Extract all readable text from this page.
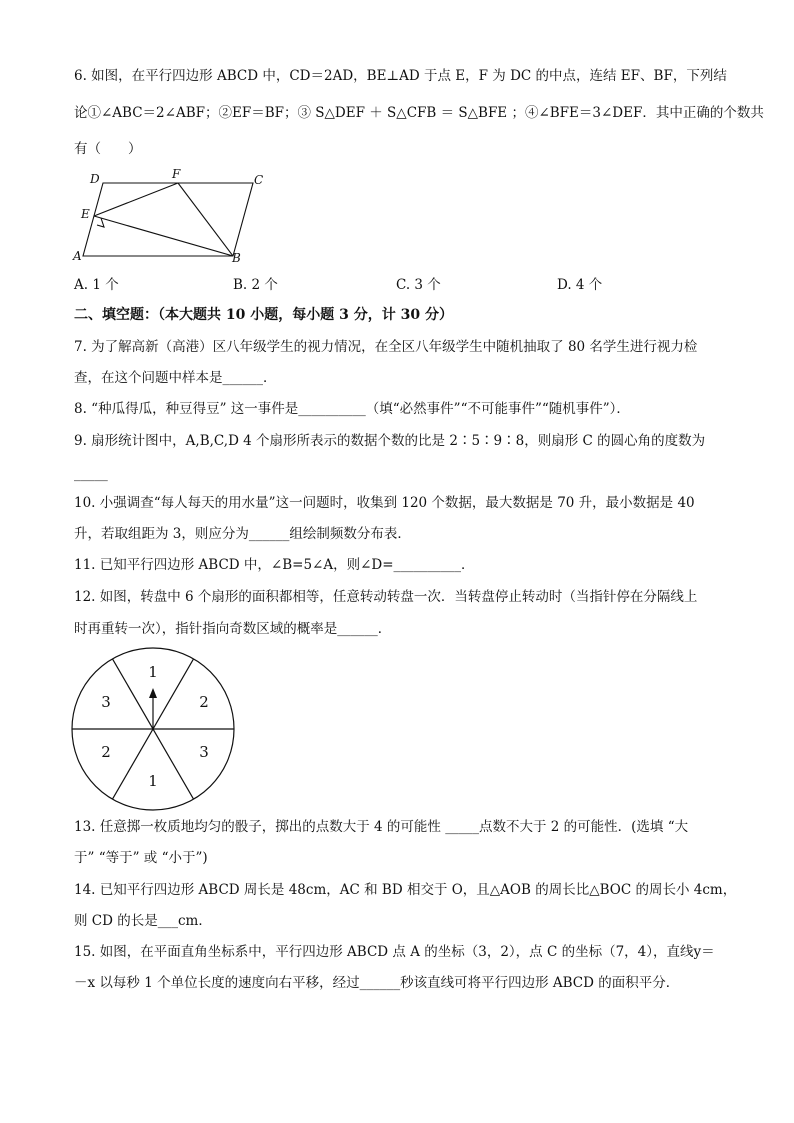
6. 如图，在平行四边形 ABCD 中，CD＝2AD，BE⊥AD 于点 E，F 为 DC 的中点，连结 EF、BF，下列结
论①∠ABC＝2∠ABF；②EF＝BF；③ S△DEF ＋ S△CFB ＝ S△BFE ；④∠BFE＝3∠DEF．其中正确的个数共
有（　　）
D	F	C
E
A	B
A. 1 个	B. 2 个	C. 3 个	D. 4 个
二、填空题：（本大题共 10 小题，每小题 3 分，计 30 分）
7. 为了解高新（高港）区八年级学生的视力情况，在全区八年级学生中随机抽取了 80 名学生进行视力检
查，在这个问题中样本是______．
8. “种瓜得瓜，种豆得豆” 这一事件是__________（填“必然事件”“不可能事件”“随机事件”）．
9. 扇形统计图中，A,B,C,D 4 个扇形所表示的数据个数的比是 2∶5∶9∶8，则扇形 C 的圆心角的度数为
_____
10. 小强调查“每人每天的用水量”这一问题时，收集到 120 个数据，最大数据是 70 升，最小数据是 40
升，若取组距为 3，则应分为______组绘制频数分布表．
11. 已知平行四边形 ABCD 中，∠B=5∠A，则∠D=__________．
12. 如图，转盘中 6 个扇形的面积都相等，任意转动转盘一次．当转盘停止转动时（当指针停在分隔线上
时再重转一次），指针指向奇数区域的概率是______．
1
2
3
1
2
3
13. 任意掷一枚质地均匀的骰子，掷出的点数大于 4 的可能性 _____点数不大于 2 的可能性．(选填 “大
于” “等于” 或 “小于”)
14. 已知平行四边形 ABCD 周长是 48cm，AC 和 BD 相交于 O，且△AOB 的周长比△BOC 的周长小 4cm，
则 CD 的长是___cm．
15. 如图，在平面直角坐标系中，平行四边形 ABCD 点 A 的坐标（3，2），点 C 的坐标（7，4），直线y＝
－x 以每秒 1 个单位长度的速度向右平移，经过______秒该直线可将平行四边形 ABCD 的面积平分．
